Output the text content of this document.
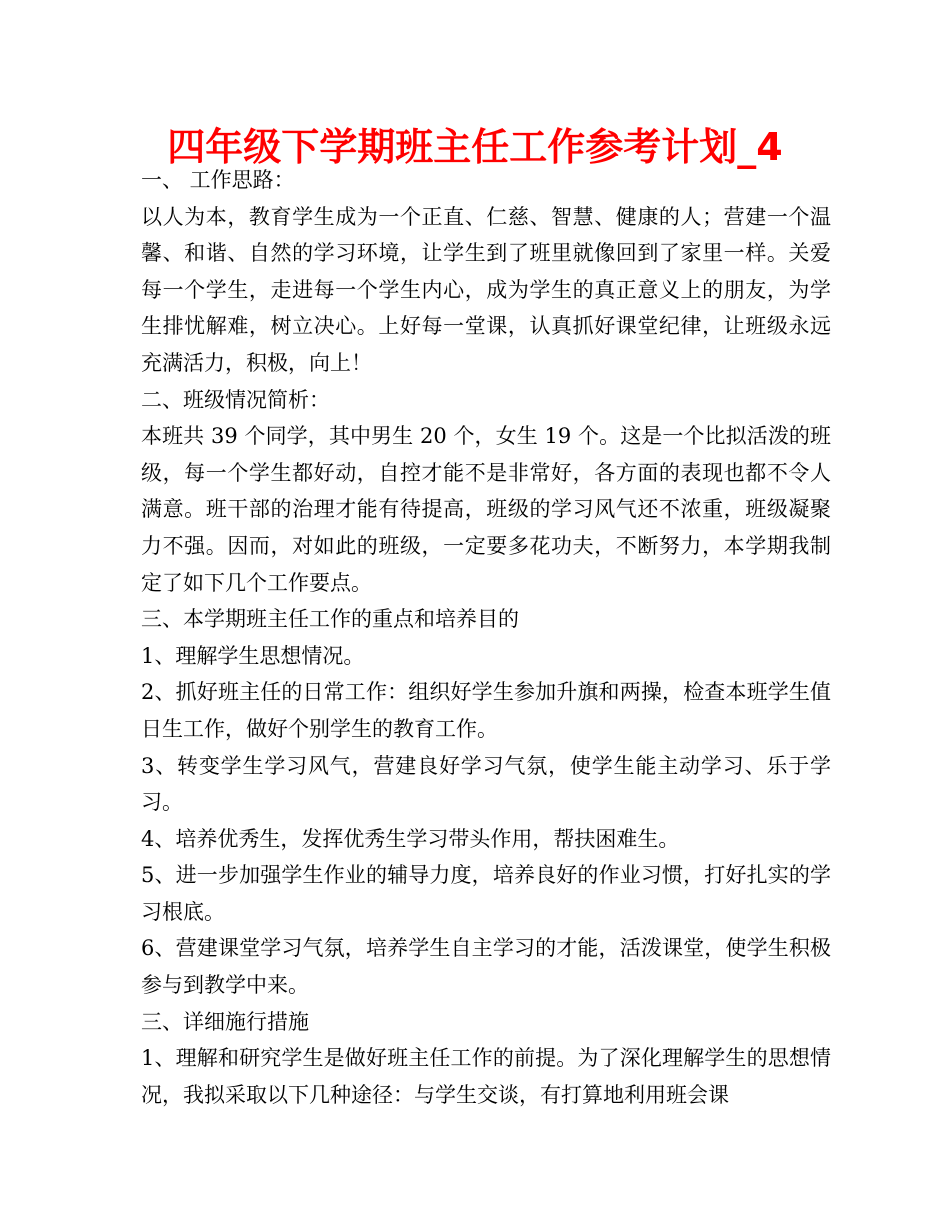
四年级下学期班主任工作参考计划_4

一、 工作思路：

以人为本，教育学生成为一个正直、仁慈、智慧、健康的人；营建一个温馨、和谐、自然的学习环境，让学生到了班里就像回到了家里一样。关爱每一个学生，走进每一个学生内心，成为学生的真正意义上的朋友，为学生排忧解难，树立决心。上好每一堂课，认真抓好课堂纪律，让班级永远充满活力，积极，向上！

二、班级情况简析：

本班共 39 个同学，其中男生 20 个，女生 19 个。这是一个比拟活泼的班级，每一个学生都好动，自控才能不是非常好，各方面的表现也都不令人满意。班干部的治理才能有待提高，班级的学习风气还不浓重，班级凝聚力不强。因而，对如此的班级，一定要多花功夫，不断努力，本学期我制定了如下几个工作要点。

三、本学期班主任工作的重点和培养目的

1、理解学生思想情况。

2、抓好班主任的日常工作：组织好学生参加升旗和两操，检查本班学生值日生工作，做好个别学生的教育工作。

3、转变学生学习风气，营建良好学习气氛，使学生能主动学习、乐于学习。

4、培养优秀生，发挥优秀生学习带头作用，帮扶困难生。

5、进一步加强学生作业的辅导力度，培养良好的作业习惯，打好扎实的学习根底。

6、营建课堂学习气氛，培养学生自主学习的才能，活泼课堂，使学生积极参与到教学中来。

三、详细施行措施

1、理解和研究学生是做好班主任工作的前提。为了深化理解学生的思想情况，我拟采取以下几种途径：与学生交谈，有打算地利用班会课
